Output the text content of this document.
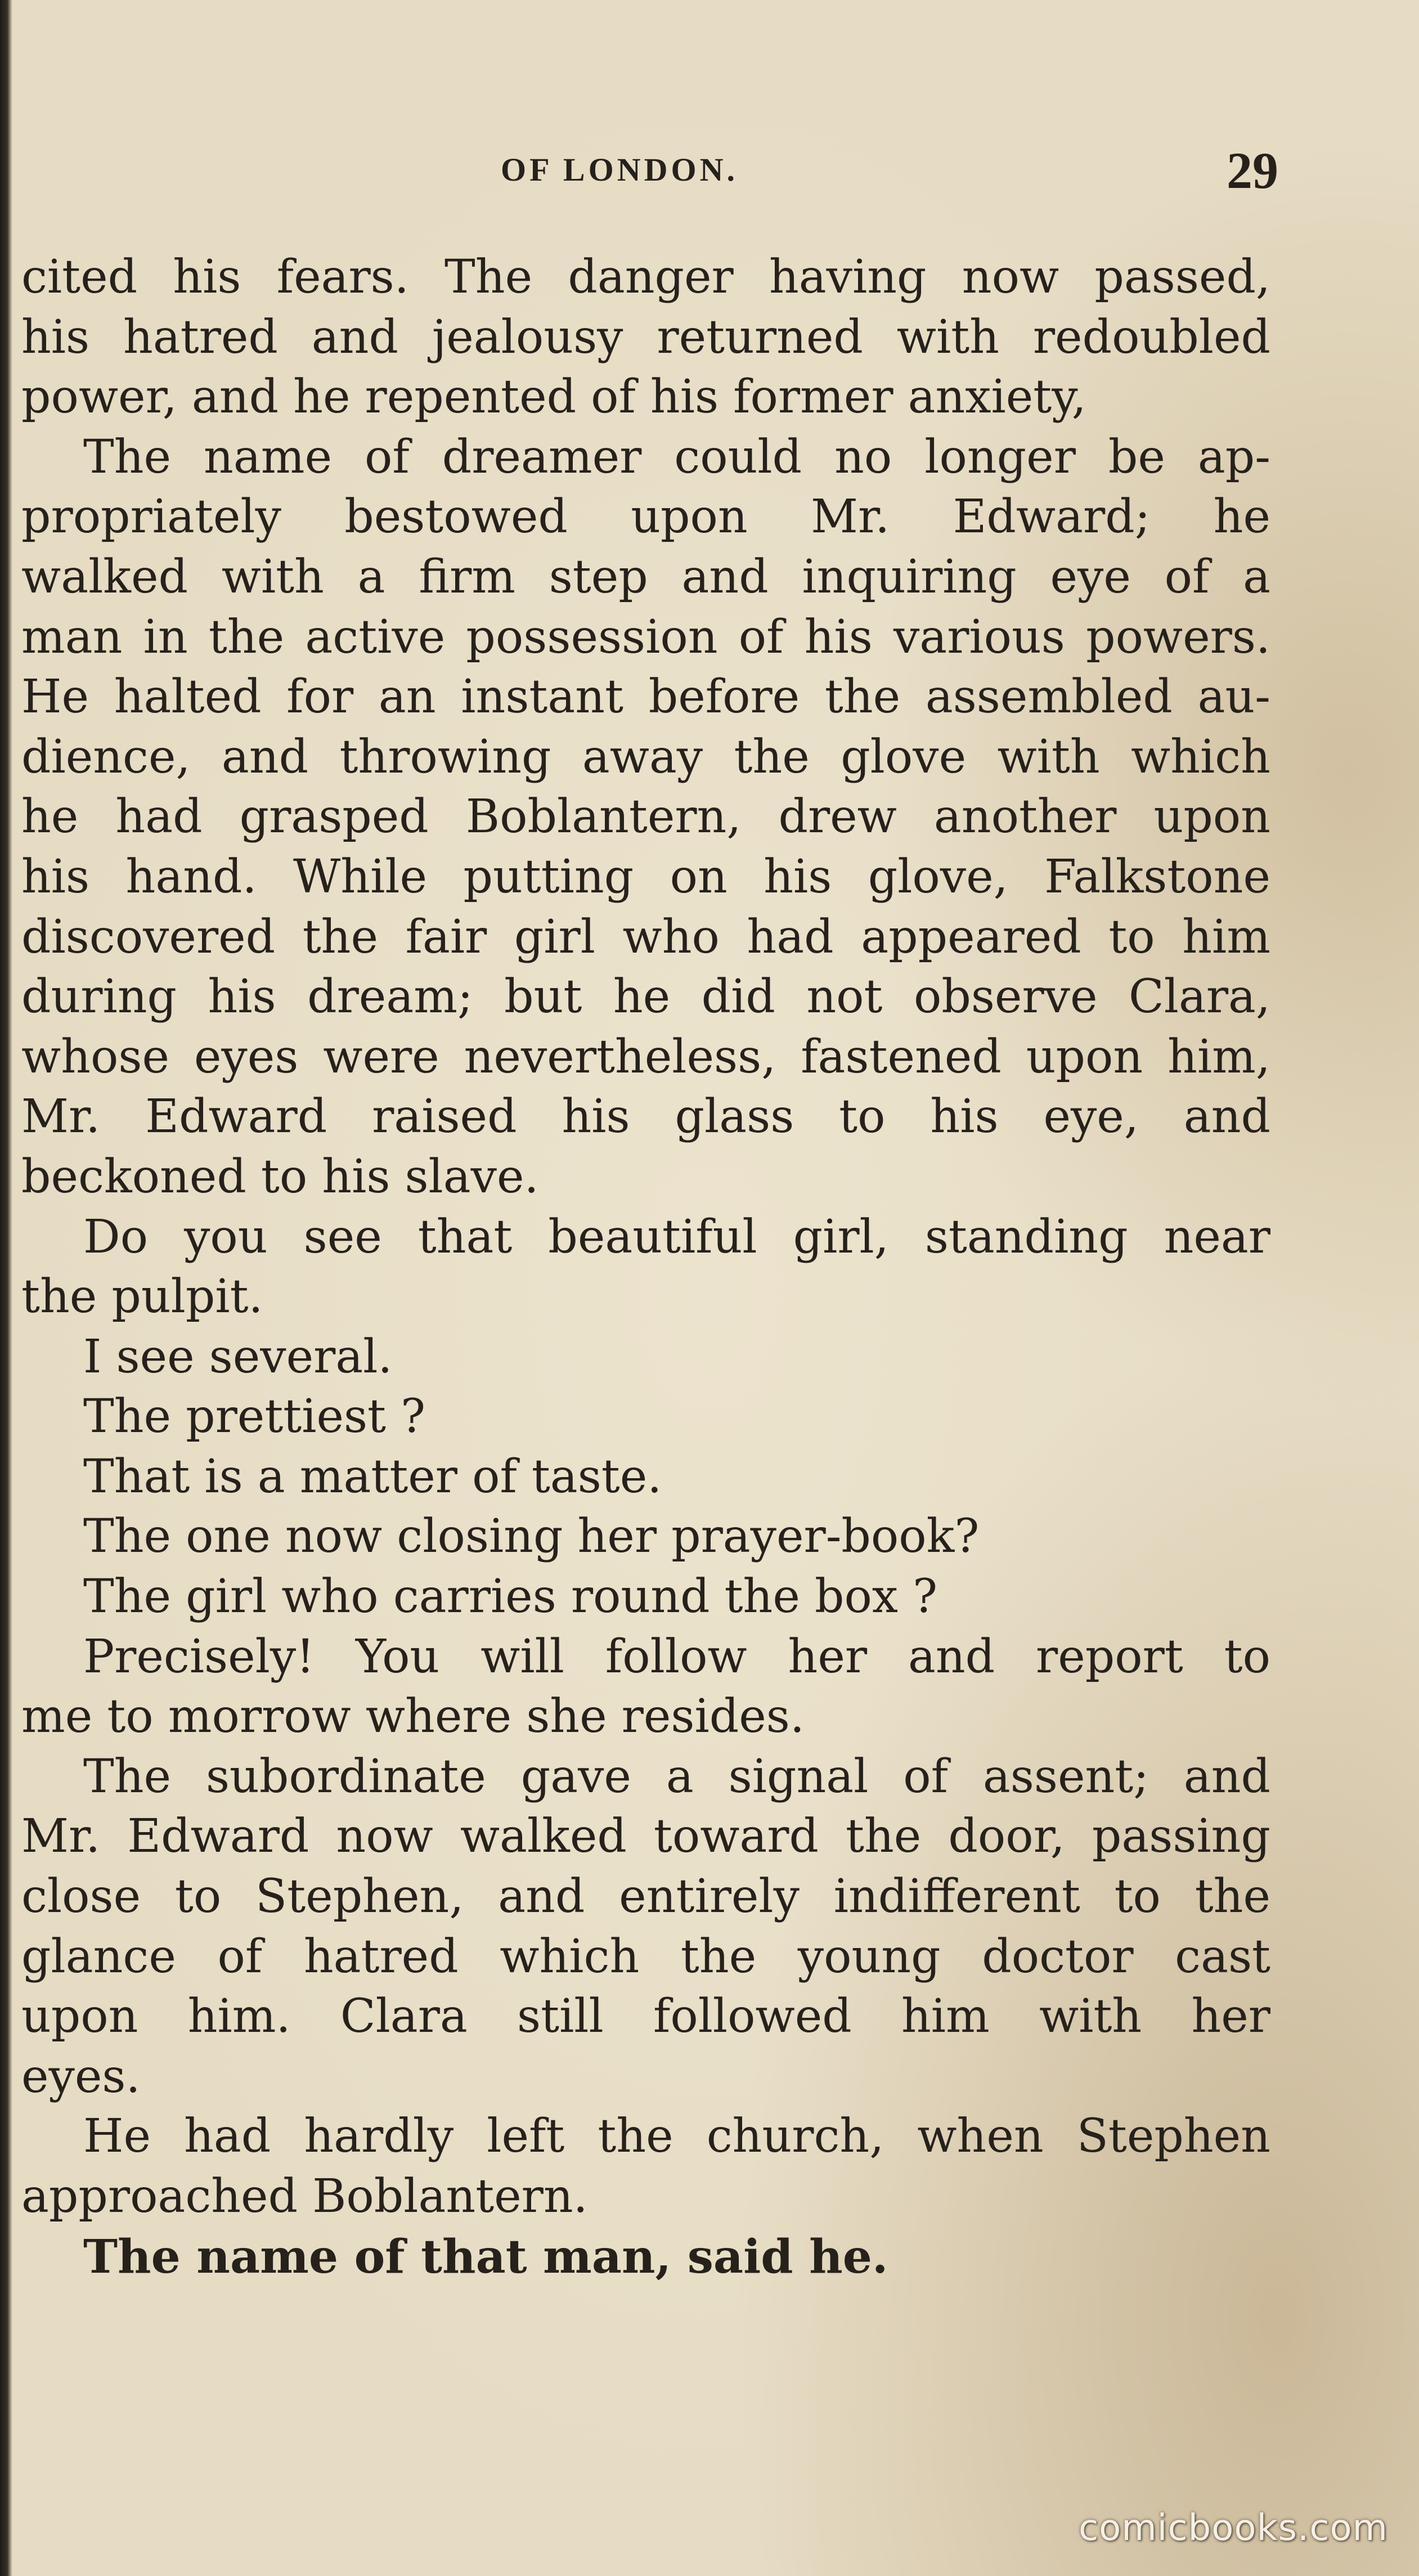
OF LONDON.	29
cited his fears. The danger having now passed,
his hatred and jealousy returned with redoubled
power, and he repented of his former anxiety,
The name of dreamer could no longer be ap-
propriately bestowed upon Mr. Edward; he
walked with a firm step and inquiring eye of a
man in the active possession of his various powers.
He halted for an instant before the assembled au-
dience, and throwing away the glove with which
he had grasped Boblantern, drew another upon
his hand. While putting on his glove, Falkstone
discovered the fair girl who had appeared to him
during his dream; but he did not observe Clara,
whose eyes were nevertheless, fastened upon him,
Mr. Edward raised his glass to his eye, and
beckoned to his slave.
Do you see that beautiful girl, standing near
the pulpit.
I see several.
The prettiest ?
That is a matter of taste.
The one now closing her prayer-book?
The girl who carries round the box ?
Precisely! You will follow her and report to
me to morrow where she resides.
The subordinate gave a signal of assent; and
Mr. Edward now walked toward the door, passing
close to Stephen, and entirely indifferent to the
glance of hatred which the young doctor cast
upon him. Clara still followed him with her
eyes.
He had hardly left the church, when Stephen
approached Boblantern.
The name of that man, said he.
comicbooks.com
